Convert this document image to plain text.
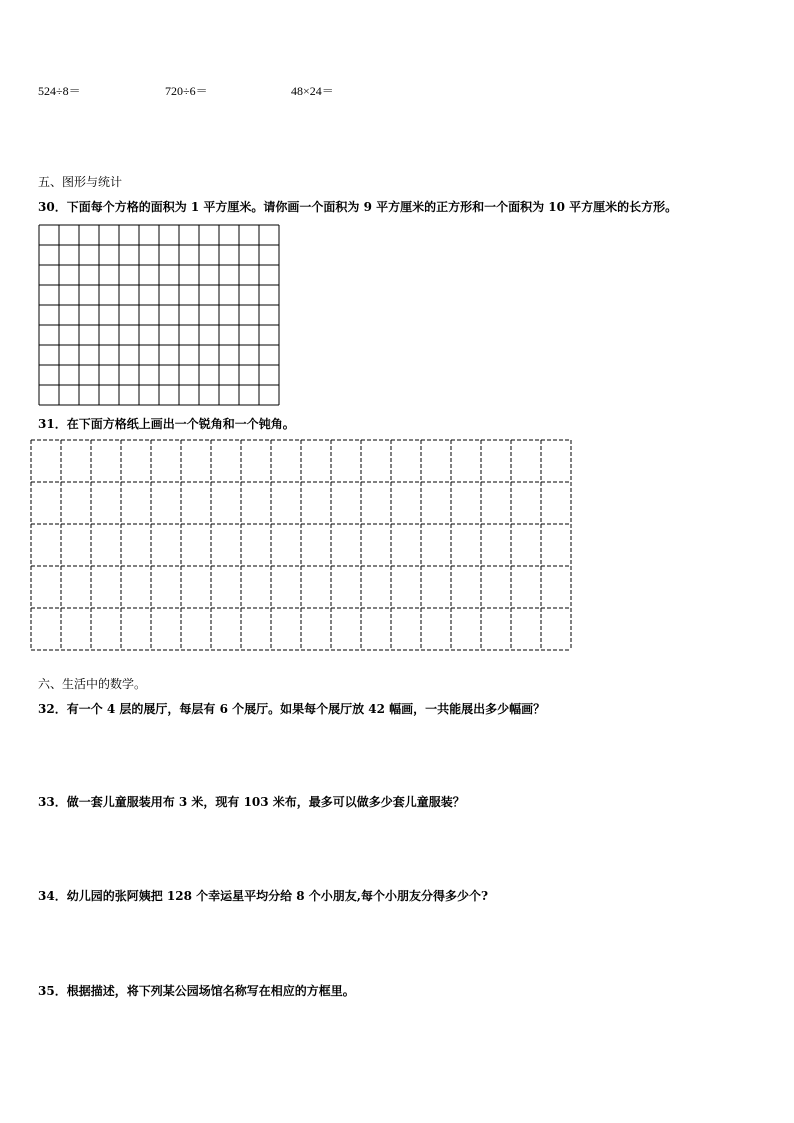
524÷8＝	720÷6＝	48×24＝
五、图形与统计
30．下面每个方格的面积为 1 平方厘米。请你画一个面积为 9 平方厘米的正方形和一个面积为 10 平方厘米的长方形。
31．在下面方格纸上画出一个锐角和一个钝角。
六、生活中的数学。
32．有一个 4 层的展厅，每层有 6 个展厅。如果每个展厅放 42 幅画，一共能展出多少幅画？
33．做一套儿童服装用布 3 米，现有 103 米布，最多可以做多少套儿童服装？
34．幼儿园的张阿姨把 128 个幸运星平均分给 8 个小朋友,每个小朋友分得多少个?
35．根据描述，将下列某公园场馆名称写在相应的方框里。
